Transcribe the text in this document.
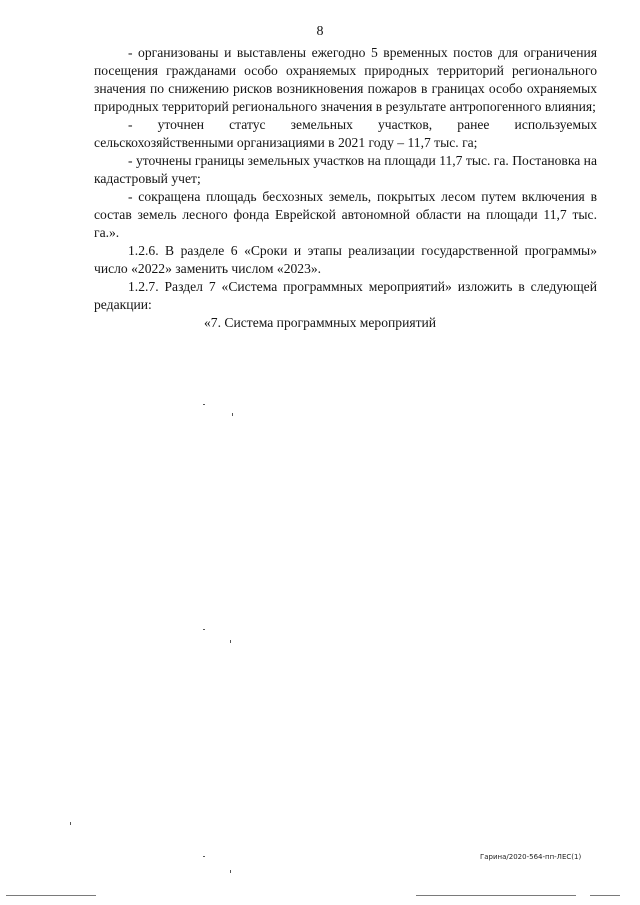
8

- организованы и выставлены ежегодно 5 временных постов для ограничения посещения гражданами особо охраняемых природных территорий регионального значения по снижению рисков возникновения пожаров в границах особо охраняемых природных территорий регионального значения в результате антропогенного влияния;

- уточнен статус земельных участков, ранее используемых сельскохозяйственными организациями в 2021 году – 11,7 тыс. га;

- уточнены границы земельных участков на площади 11,7 тыс. га. Постановка на кадастровый учет;

- сокращена площадь бесхозных земель, покрытых лесом путем включения в состав земель лесного фонда Еврейской автономной области на площади 11,7 тыс. га.».

1.2.6. В разделе 6 «Сроки и этапы реализации государственной программы» число «2022» заменить числом «2023».

1.2.7. Раздел 7 «Система программных мероприятий» изложить в следующей редакции:

«7. Система программных мероприятий

Гарина/2020-564-пп-ЛЕС(1)
